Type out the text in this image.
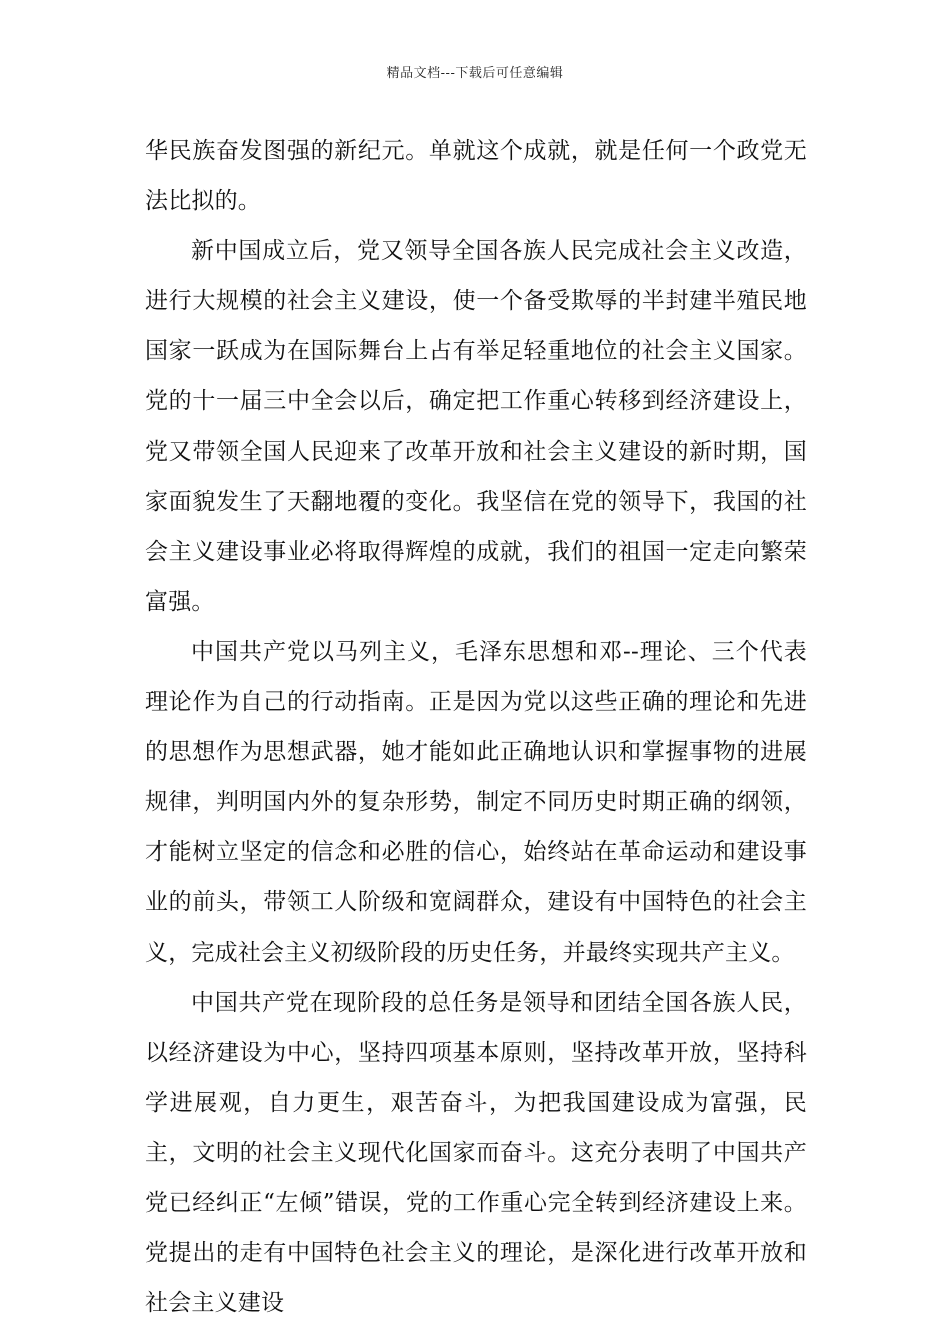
精品文档---下载后可任意编辑

华民族奋发图强的新纪元。单就这个成就，就是任何一个政党无法比拟的。

新中国成立后，党又领导全国各族人民完成社会主义改造，进行大规模的社会主义建设，使一个备受欺辱的半封建半殖民地国家一跃成为在国际舞台上占有举足轻重地位的社会主义国家。党的十一届三中全会以后，确定把工作重心转移到经济建设上，党又带领全国人民迎来了改革开放和社会主义建设的新时期，国家面貌发生了天翻地覆的变化。我坚信在党的领导下，我国的社会主义建设事业必将取得辉煌的成就，我们的祖国一定走向繁荣富强。

中国共产党以马列主义，毛泽东思想和邓--理论、三个代表理论作为自己的行动指南。正是因为党以这些正确的理论和先进的思想作为思想武器，她才能如此正确地认识和掌握事物的进展规律，判明国内外的复杂形势，制定不同历史时期正确的纲领，才能树立坚定的信念和必胜的信心，始终站在革命运动和建设事业的前头，带领工人阶级和宽阔群众，建设有中国特色的社会主义，完成社会主义初级阶段的历史任务，并最终实现共产主义。

中国共产党在现阶段的总任务是领导和团结全国各族人民，以经济建设为中心，坚持四项基本原则，坚持改革开放，坚持科学进展观，自力更生，艰苦奋斗，为把我国建设成为富强，民主，文明的社会主义现代化国家而奋斗。这充分表明了中国共产党已经纠正“左倾”错误，党的工作重心完全转到经济建设上来。党提出的走有中国特色社会主义的理论，是深化进行改革开放和社会主义建设
